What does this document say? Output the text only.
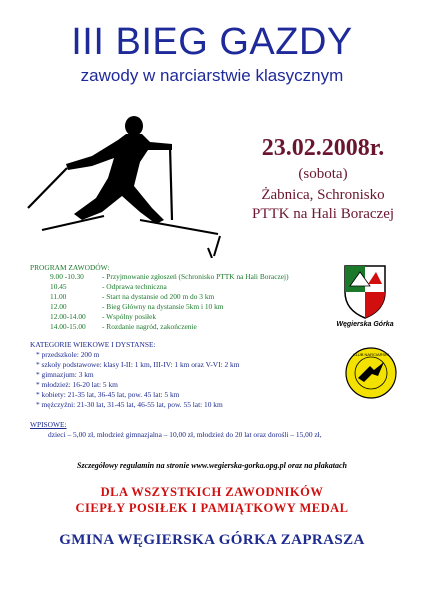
III BIEG GAZDY
zawody w narciarstwie klasycznym
23.02.2008r.
(sobota)
Żabnica, Schronisko
PTTK na Hali Boraczej
PROGRAM ZAWODÓW:
9.00 -10.30	- Przyjmowanie zgłoszeń (Schronisko PTTK na Hali Boraczej)
10.45	- Odprawa techniczna
11.00	- Start na dystansie od 200 m do 3 km
12.00	- Bieg Główny na dystansie 5km i 10 km
12.00-14.00	- Wspólny posiłek
14.00-15.00	- Rozdanie nagród, zakończenie	Węgierska Górka
KATEGORIE WIEKOWE I DYSTANSE:
* przedszkole: 200 m
* szkoły podstawowe: klasy I-II: 1 km, III-IV: 1 km oraz V-VI: 2 km
* gimnazjum: 3 km
* młodzież: 16-20 lat: 5 km
* kobiety: 21-35 lat, 36-45 lat, pow. 45 lat: 5 km
* mężczyźni: 21-30 lat, 31-45 lat, 46-55 lat, pow. 55 lat: 10 km
KLUB NARCIARSKI
WPISOWE:
dzieci – 5,00 zł, młodzież gimnazjalna – 10,00 zł, młodzież do 20 lat oraz dorośli – 15,00 zł,
Szczegółowy regulamin na stronie www.wegierska-gorka.opg.pl oraz na plakatach
DLA WSZYSTKICH ZAWODNIKÓW
CIEPŁY POSIŁEK I PAMIĄTKOWY MEDAL
GMINA WĘGIERSKA GÓRKA ZAPRASZA
